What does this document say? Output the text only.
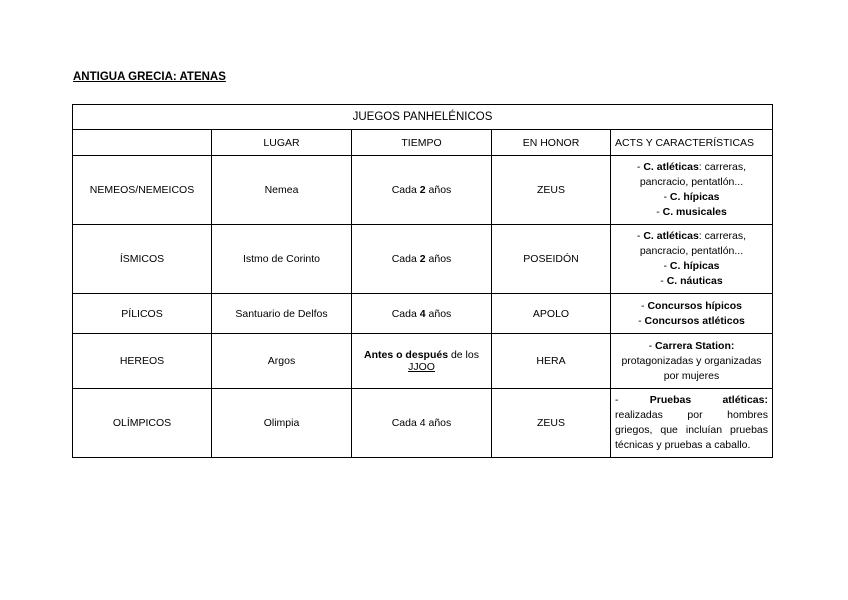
ANTIGUA GRECIA: ATENAS
JUEGOS PANHELÉNICOS				
	LUGAR	TIEMPO	EN HONOR	ACTS Y CARACTERÍSTICAS
NEMEOS/NEMEICOS	Nemea	Cada 2 años	ZEUS	- C. atléticas: carreras,
pancracio, pentatlón...
- C. hípicas
- C. musicales

ÍSMICOS	Istmo de Corinto	Cada 2 años	POSEIDÓN	- C. atléticas: carreras,
pancracio, pentatlón...
- C. hípicas
- C. náuticas

PÍLICOS	Santuario de Delfos	Cada 4 años	APOLO	- Concursos hípicos
- Concursos atléticos

HEREOS	Argos	Antes o después de los
JJOO	HERA	- Carrera Station:
protagonizadas y organizadas
por mujeres

OLÍMPICOS	Olimpia	Cada 4 años	ZEUS	- Pruebas atléticas:
realizadas por hombres
griegos, que incluían pruebas
técnicas y pruebas a caballo.
